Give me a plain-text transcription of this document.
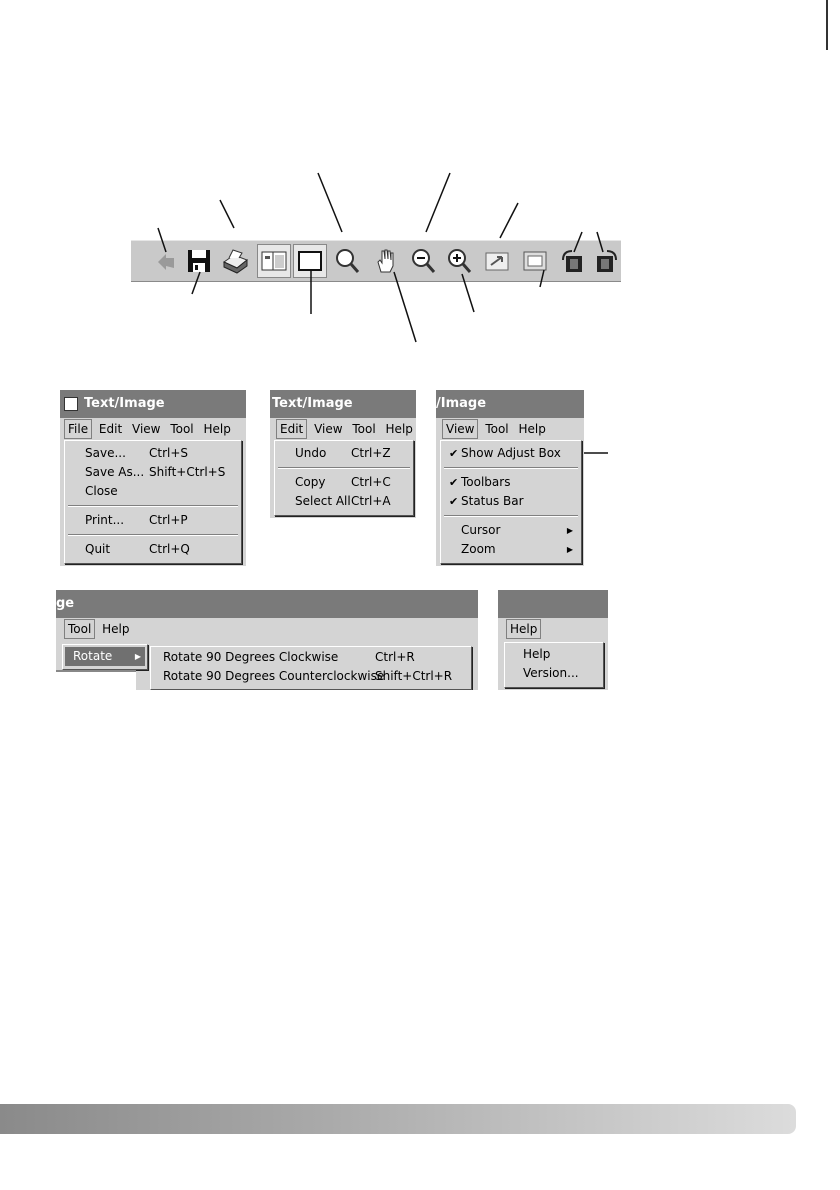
Text/Image
File Edit View Tool Help
Save... Ctrl+S
Save As... Shift+Ctrl+S
Close
Print... Ctrl+P
Quit	Ctrl+Q
Text/Image
Edit View Tool Help
Undo Ctrl+Z
Copy Ctrl+C
Select All Ctrl+A
/Image
View Tool Help
✔ Show Adjust Box
✔ Toolbars
✔ Status Bar
Cursor	▶
Zoom	▶
ge
Tool Help
Rotate	▶ Rotate 90 Degrees Clockwise	Ctrl+R
Rotate 90 Degrees Counterclockwise
Shift+Ctrl+R
Help
Help
Version...
